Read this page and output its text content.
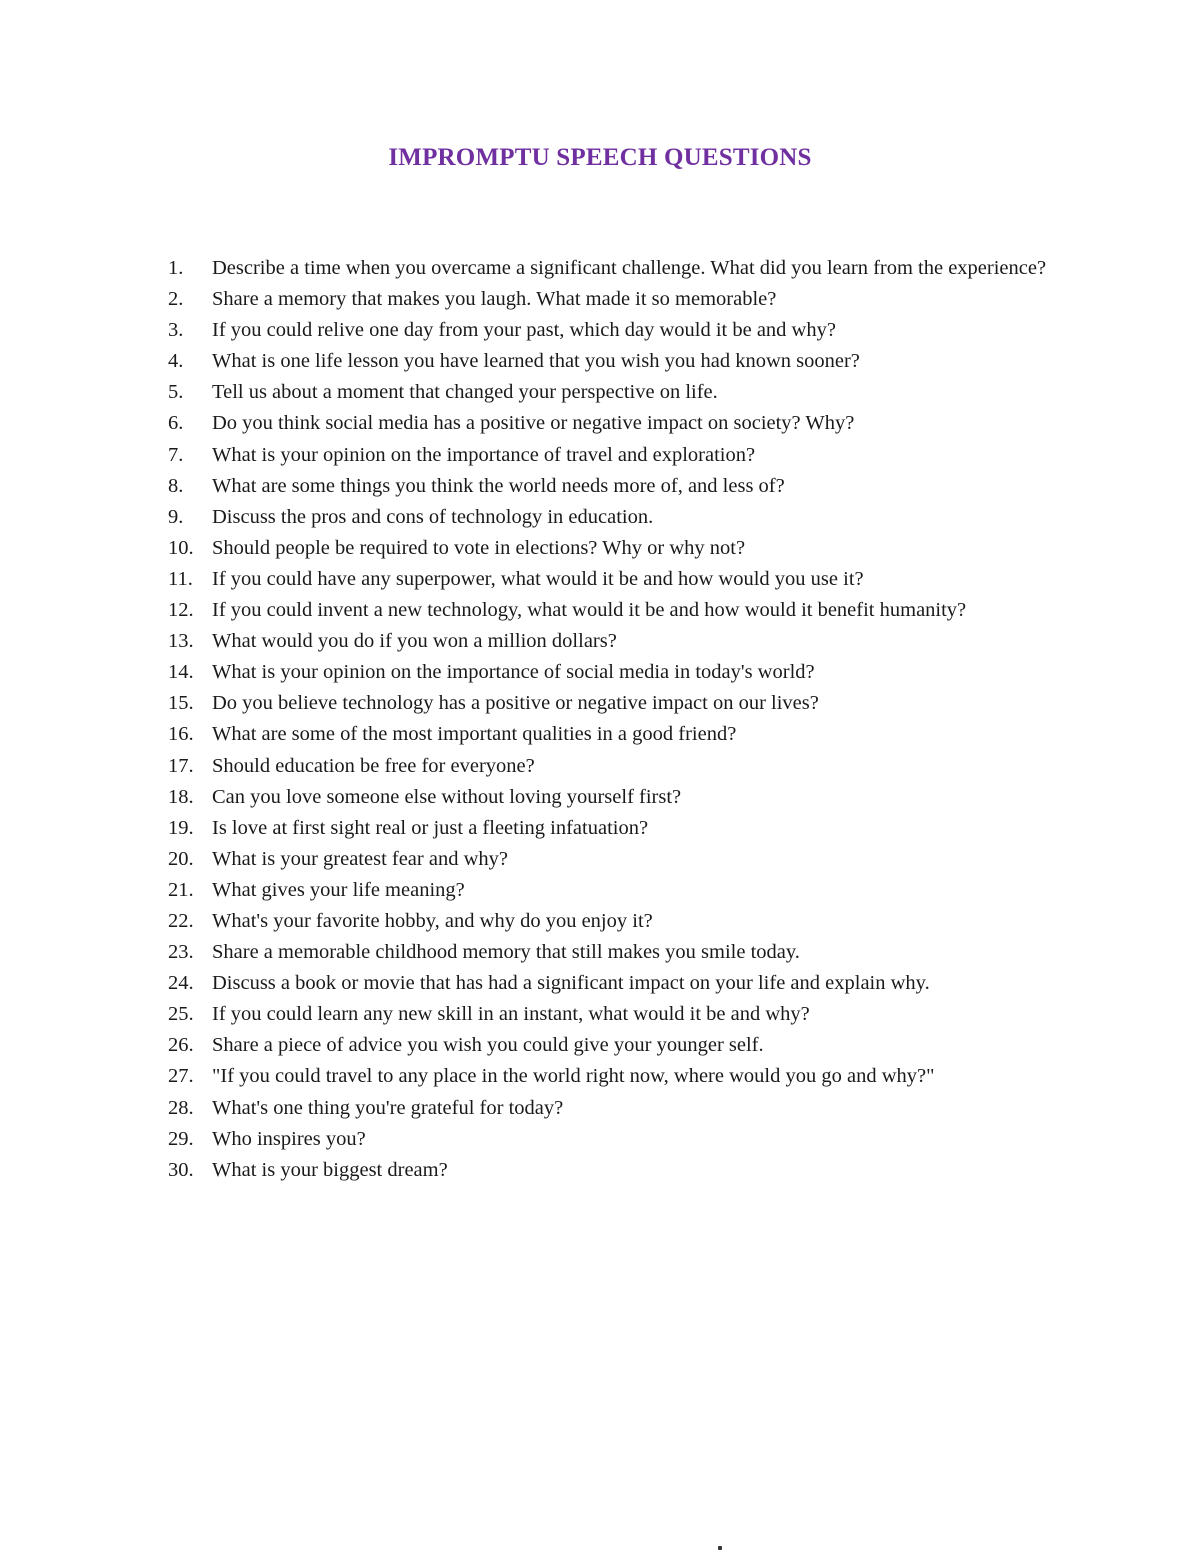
IMPROMPTU SPEECH QUESTIONS
1.	Describe a time when you overcame a significant challenge. What did you learn from the experience?
2.	Share a memory that makes you laugh. What made it so memorable?
3.	If you could relive one day from your past, which day would it be and why?
4.	What is one life lesson you have learned that you wish you had known sooner?
5.	Tell us about a moment that changed your perspective on life.
6.	Do you think social media has a positive or negative impact on society? Why?
7.	What is your opinion on the importance of travel and exploration?
8.	What are some things you think the world needs more of, and less of?
9.	Discuss the pros and cons of technology in education.
10. Should people be required to vote in elections? Why or why not?
11. If you could have any superpower, what would it be and how would you use it?
12. If you could invent a new technology, what would it be and how would it benefit humanity?
13. What would you do if you won a million dollars?
14. What is your opinion on the importance of social media in today's world?
15. Do you believe technology has a positive or negative impact on our lives?
16. What are some of the most important qualities in a good friend?
17. Should education be free for everyone?
18. Can you love someone else without loving yourself first?
19. Is love at first sight real or just a fleeting infatuation?
20. What is your greatest fear and why?
21. What gives your life meaning?
22. What's your favorite hobby, and why do you enjoy it?
23. Share a memorable childhood memory that still makes you smile today.
24. Discuss a book or movie that has had a significant impact on your life and explain why.
25. If you could learn any new skill in an instant, what would it be and why?
26. Share a piece of advice you wish you could give your younger self.
27. "If you could travel to any place in the world right now, where would you go and why?"
28. What's one thing you're grateful for today?
29. Who inspires you?
30. What is your biggest dream?
